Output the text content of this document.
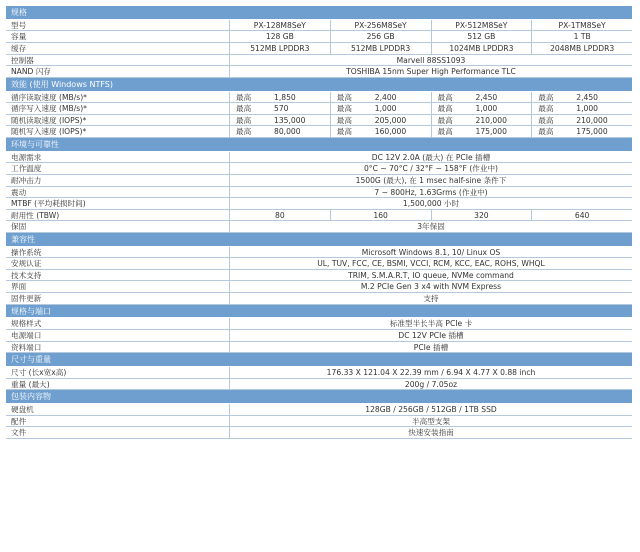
规格
型号	PX-128M8SeY	PX-256M8SeY	PX-512M8SeY	PX-1TM8SeY
容量	128 GB	256 GB	512 GB	1 TB
缓存	512MB LPDDR3	512MB LPDDR3	1024MB LPDDR3	2048MB LPDDR3
控制器	Marvell 88SS1093
NAND 闪存	TOSHIBA 15nm Super High Performance TLC
效能 (使用 Windows NTFS)
循序读取速度 (MB/s)*	最高	1,850	最高	2,400	最高	2,450	最高	2,450
循序写入速度 (MB/s)*	最高	570	最高	1,000	最高	1,000	最高	1,000
随机读取速度 (IOPS)*	最高	135,000	最高	205,000	最高	210,000	最高	210,000
随机写入速度 (IOPS)*	最高	80,000	最高	160,000	最高	175,000	最高	175,000
环境与可靠性
电源需求	DC 12V 2.0A (最大) 在 PCIe 插槽
工作温度	0°C ~ 70°C / 32°F ~ 158°F (作业中)
耐冲击力	1500G (最大), 在 1 msec half-sine 条件下
震动	7 ~ 800Hz, 1.63Grms (作业中)
MTBF (平均耗损时间)	1,500,000 小时
耐用性 (TBW)	80	160	320	640
保固	3年保固
兼容性
操作系统	Microsoft Windows 8.1, 10/ Linux OS
安规认证	UL, TUV, FCC, CE, BSMI, VCCI, RCM, KCC, EAC, ROHS, WHQL
技术支持	TRIM, S.M.A.R.T, IO queue, NVMe command
界面	M.2 PCIe Gen 3 x4 with NVM Express
固件更新	支持
规格与端口
规格样式	标准型半长半高 PCIe 卡
电源端口	DC 12V PCIe 插槽
资料端口	PCIe 插槽
尺寸与重量
尺寸 (长x宽x高)	176.33 X 121.04 X 22.39 mm / 6.94 X 4.77 X 0.88 inch
重量 (最大)	200g / 7.05oz
包装内容物
硬盘机	128GB / 256GB / 512GB / 1TB SSD
配件	半高型支架
文件	快速安装指南
